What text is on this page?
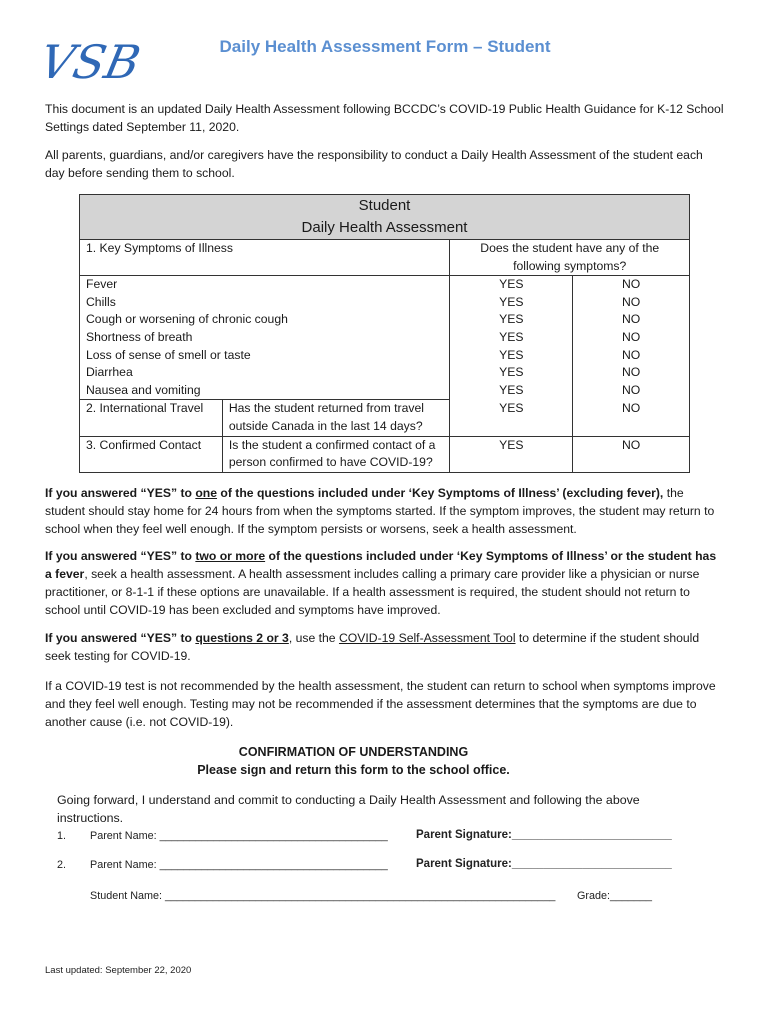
VSB	Daily Health Assessment Form – Student

This document is an updated Daily Health Assessment following BCCDC’s COVID-19 Public Health Guidance for K-12 School Settings dated September 11, 2020.

All parents, guardians, and/or caregivers have the responsibility to conduct a Daily Health Assessment of the student each day before sending them to school.

Student
Daily Health Assessment			

1. Key Symptoms of Illness		Does the student have any of the
following symptoms?	
Fever		YES	NO
Chills		YES	NO
Cough or worsening of chronic cough		YES	NO
Shortness of breath		YES	NO
Loss of sense of smell or taste		YES	NO
Diarrhea		YES	NO
Nausea and vomiting		YES	NO
2. International Travel	Has the student returned from travel outside Canada in the last 14 days?	YES	NO
3. Confirmed Contact	Is the student a confirmed contact of a person confirmed to have COVID-19?	YES	NO

If you answered “YES” to one of the questions included under ‘Key Symptoms of Illness’ (excluding fever), the student should stay home for 24 hours from when the symptoms started. If the symptom improves, the student may return to school when they feel well enough. If the symptom persists or worsens, seek a health assessment.

If you answered “YES” to two or more of the questions included under ‘Key Symptoms of Illness’ or the student has a fever, seek a health assessment. A health assessment includes calling a primary care provider like a physician or nurse practitioner, or 8-1-1 if these options are unavailable. If a health assessment is required, the student should not return to school until COVID-19 has been excluded and symptoms have improved.

If you answered “YES” to questions 2 or 3, use the COVID-19 Self-Assessment Tool to determine if the student should seek testing for COVID-19.

If a COVID-19 test is not recommended by the health assessment, the student can return to school when symptoms improve and they feel well enough. Testing may not be recommended if the assessment determines that the symptoms are due to another cause (i.e. not COVID-19).

CONFIRMATION OF UNDERSTANDING
Please sign and return this form to the school office.

Going forward, I understand and commit to conducting a Daily Health Assessment and following the above instructions.

1. Parent Name: ______________________________________ Parent Signature:_________________________
2. Parent Name: ______________________________________ Parent Signature:_________________________
Student Name: _________________________________________________________________ Grade:_______
Last updated: September 22, 2020
